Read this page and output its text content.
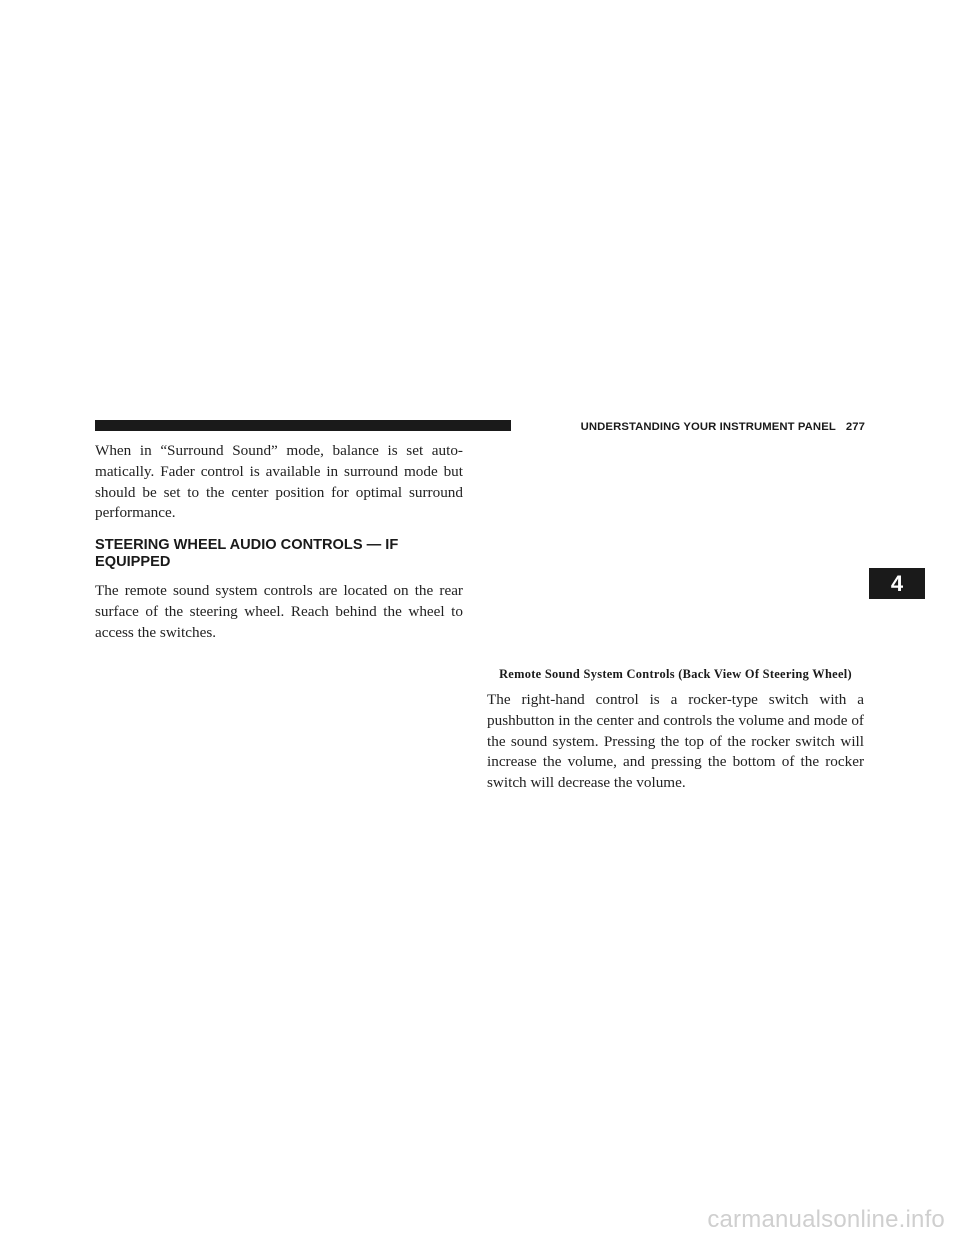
UNDERSTANDING YOUR INSTRUMENT PANEL 277

When in “Surround Sound” mode, balance is set auto-matically. Fader control is available in surround mode but should be set to the center position for optimal surround performance.

STEERING WHEEL AUDIO CONTROLS — IF EQUIPPED

The remote sound system controls are located on the rear surface of the steering wheel. Reach behind the wheel to access the switches.

Remote Sound System Controls (Back View Of Steering Wheel)

The right-hand control is a rocker-type switch with a pushbutton in the center and controls the volume and mode of the sound system. Pressing the top of the rocker switch will increase the volume, and pressing the bottom of the rocker switch will decrease the volume.

4
carmanualsonline.info
